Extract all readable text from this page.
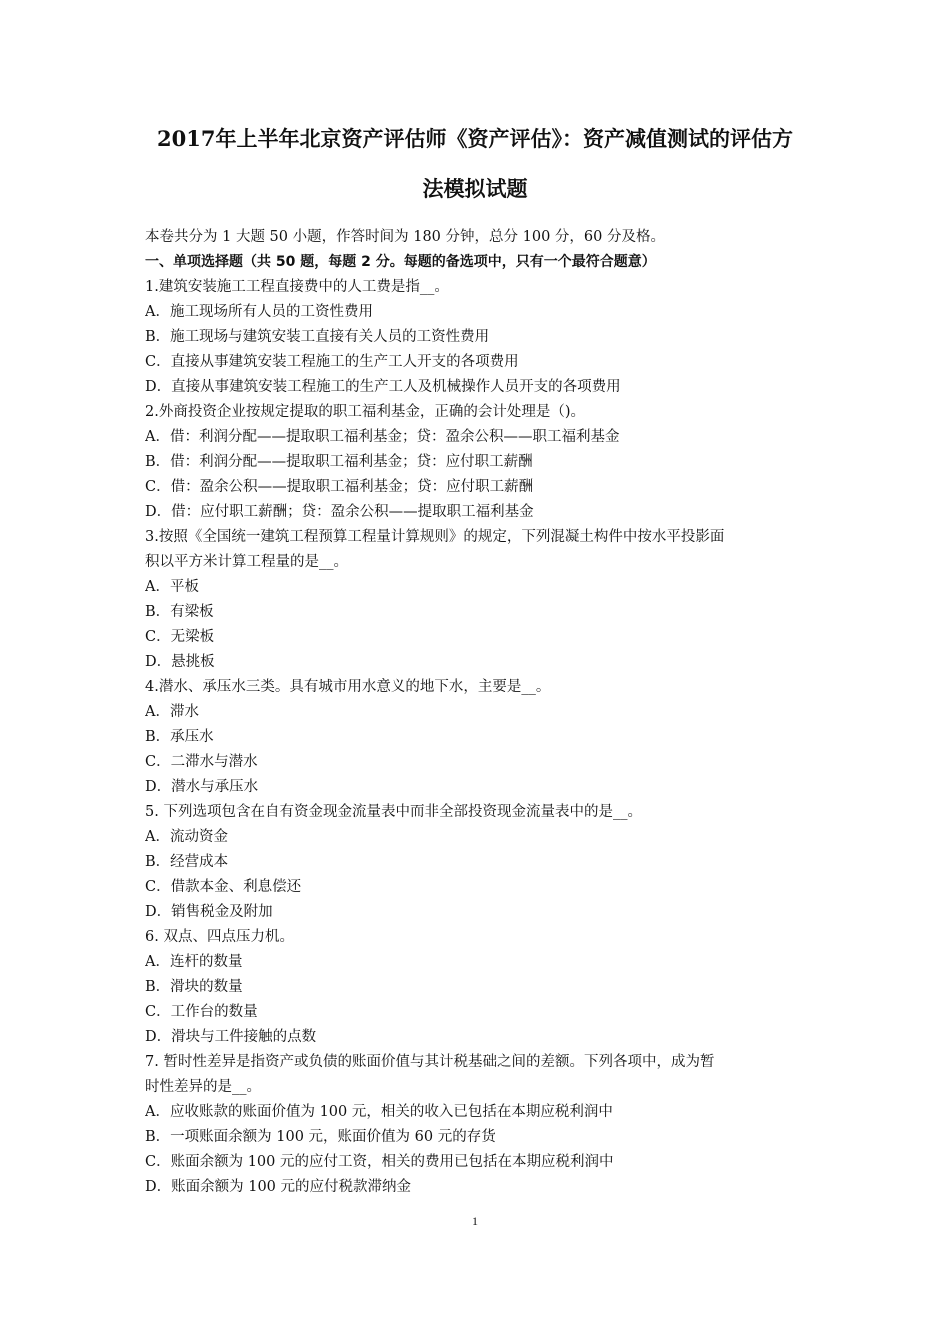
2017年上半年北京资产评估师《资产评估》：资产减值测试的评估方
法模拟试题
本卷共分为 1 大题 50 小题，作答时间为 180 分钟，总分 100 分，60 分及格。
一、单项选择题（共 50 题，每题 2 分。每题的备选项中，只有一个最符合题意）
1.建筑安装施工工程直接费中的人工费是指__。
A．施工现场所有人员的工资性费用
B．施工现场与建筑安装工直接有关人员的工资性费用
C．直接从事建筑安装工程施工的生产工人开支的各项费用
D．直接从事建筑安装工程施工的生产工人及机械操作人员开支的各项费用
2.外商投资企业按规定提取的职工福利基金，正确的会计处理是（)。
A．借：利润分配——提取职工福利基金；贷：盈余公积——职工福利基金
B．借：利润分配——提取职工福利基金；贷：应付职工薪酬
C．借：盈余公积——提取职工福利基金；贷：应付职工薪酬
D．借：应付职工薪酬；贷：盈余公积——提取职工福利基金
3.按照《全国统一建筑工程预算工程量计算规则》的规定，下列混凝土构件中按水平投影面
积以平方米计算工程量的是__。
A．平板
B．有梁板
C．无梁板
D．悬挑板
4.潜水、承压水三类。具有城市用水意义的地下水，主要是__。
A．滞水
B．承压水
C．二滞水与潜水
D．潜水与承压水
5. 下列选项包含在自有资金现金流量表中而非全部投资现金流量表中的是__。
A．流动资金
B．经营成本
C．借款本金、利息偿还
D．销售税金及附加
6. 双点、四点压力机。
A．连杆的数量
B．滑块的数量
C．工作台的数量
D．滑块与工件接触的点数
7. 暂时性差异是指资产或负债的账面价值与其计税基础之间的差额。下列各项中，成为暂
时性差异的是__。
A．应收账款的账面价值为 100 元，相关的收入已包括在本期应税利润中
B．一项账面余额为 100 元，账面价值为 60 元的存货
C．账面余额为 100 元的应付工资，相关的费用已包括在本期应税利润中
D．账面余额为 100 元的应付税款滞纳金
1
